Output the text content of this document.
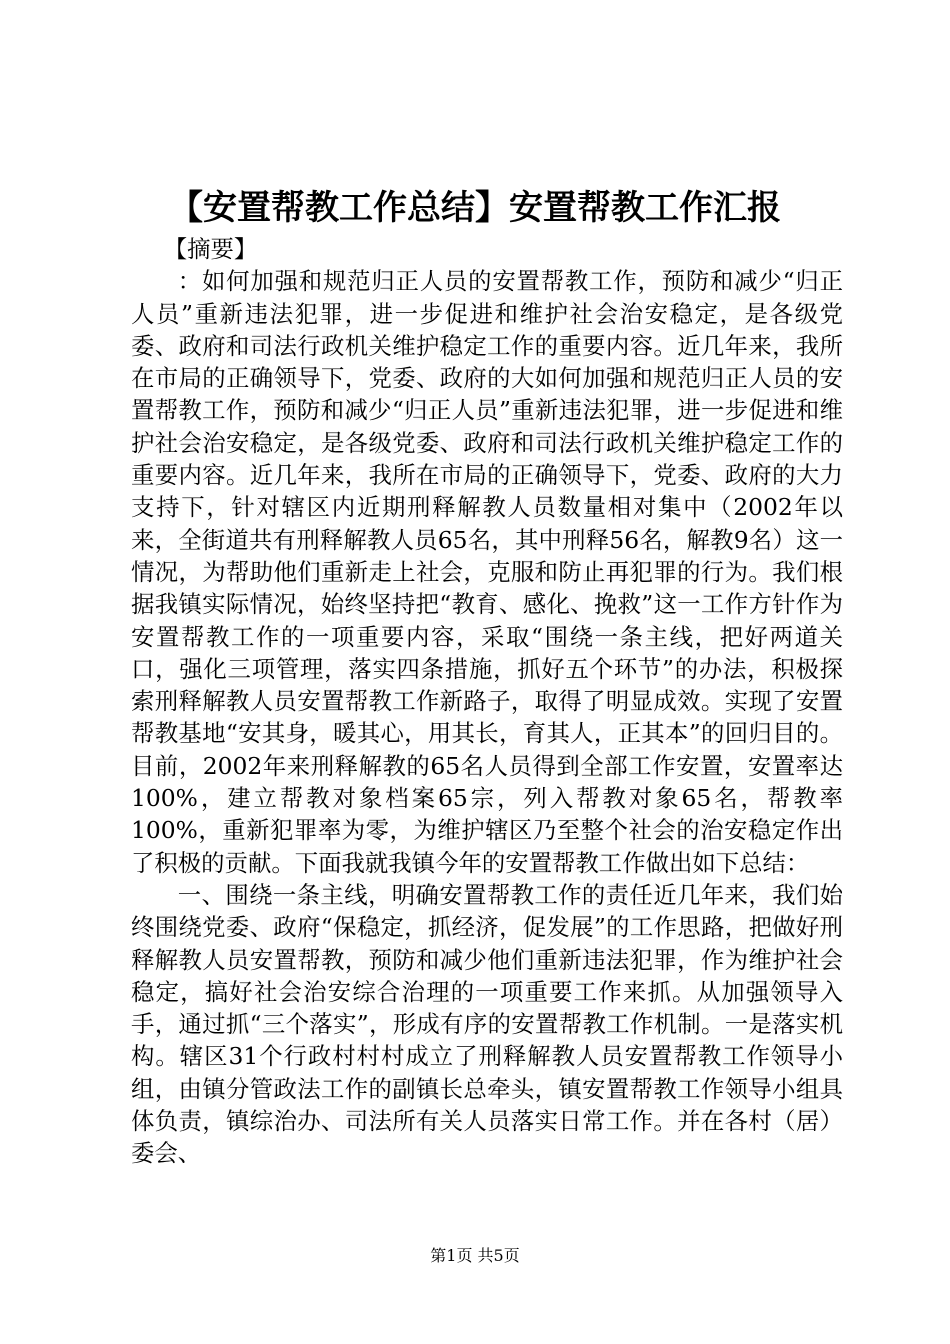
【安置帮教工作总结】安置帮教工作汇报

【摘要】

：如何加强和规范归正人员的安置帮教工作，预防和减少“归正人员”重新违法犯罪，进一步促进和维护社会治安稳定，是各级党委、政府和司法行政机关维护稳定工作的重要内容。近几年来，我所在市局的正确领导下，党委、政府的大如何加强和规范归正人员的安置帮教工作，预防和减少“归正人员”重新违法犯罪，进一步促进和维护社会治安稳定，是各级党委、政府和司法行政机关维护稳定工作的重要内容。近几年来，我所在市局的正确领导下，党委、政府的大力支持下，针对辖区内近期刑释解教人员数量相对集中（2002年以来，全街道共有刑释解教人员65名，其中刑释56名，解教9名）这一情况，为帮助他们重新走上社会，克服和防止再犯罪的行为。我们根据我镇实际情况，始终坚持把“教育、感化、挽救”这一工作方针作为安置帮教工作的一项重要内容，采取“围绕一条主线，把好两道关口，强化三项管理，落实四条措施，抓好五个环节”的办法，积极探索刑释解教人员安置帮教工作新路子，取得了明显成效。实现了安置帮教基地“安其身，暖其心，用其长，育其人，正其本”的回归目的。目前，2002年来刑释解教的65名人员得到全部工作安置，安置率达100%，建立帮教对象档案65宗，列入帮教对象65名，帮教率100%，重新犯罪率为零，为维护辖区乃至整个社会的治安稳定作出了积极的贡献。下面我就我镇今年的安置帮教工作做出如下总结：

一、围绕一条主线，明确安置帮教工作的责任近几年来，我们始终围绕党委、政府“保稳定，抓经济，促发展”的工作思路，把做好刑释解教人员安置帮教，预防和减少他们重新违法犯罪，作为维护社会稳定，搞好社会治安综合治理的一项重要工作来抓。从加强领导入手，通过抓“三个落实”，形成有序的安置帮教工作机制。一是落实机构。辖区31个行政村村村成立了刑释解教人员安置帮教工作领导小组，由镇分管政法工作的副镇长总牵头，镇安置帮教工作领导小组具体负责，镇综治办、司法所有关人员落实日常工作。并在各村（居）委会、

第1页 共5页
